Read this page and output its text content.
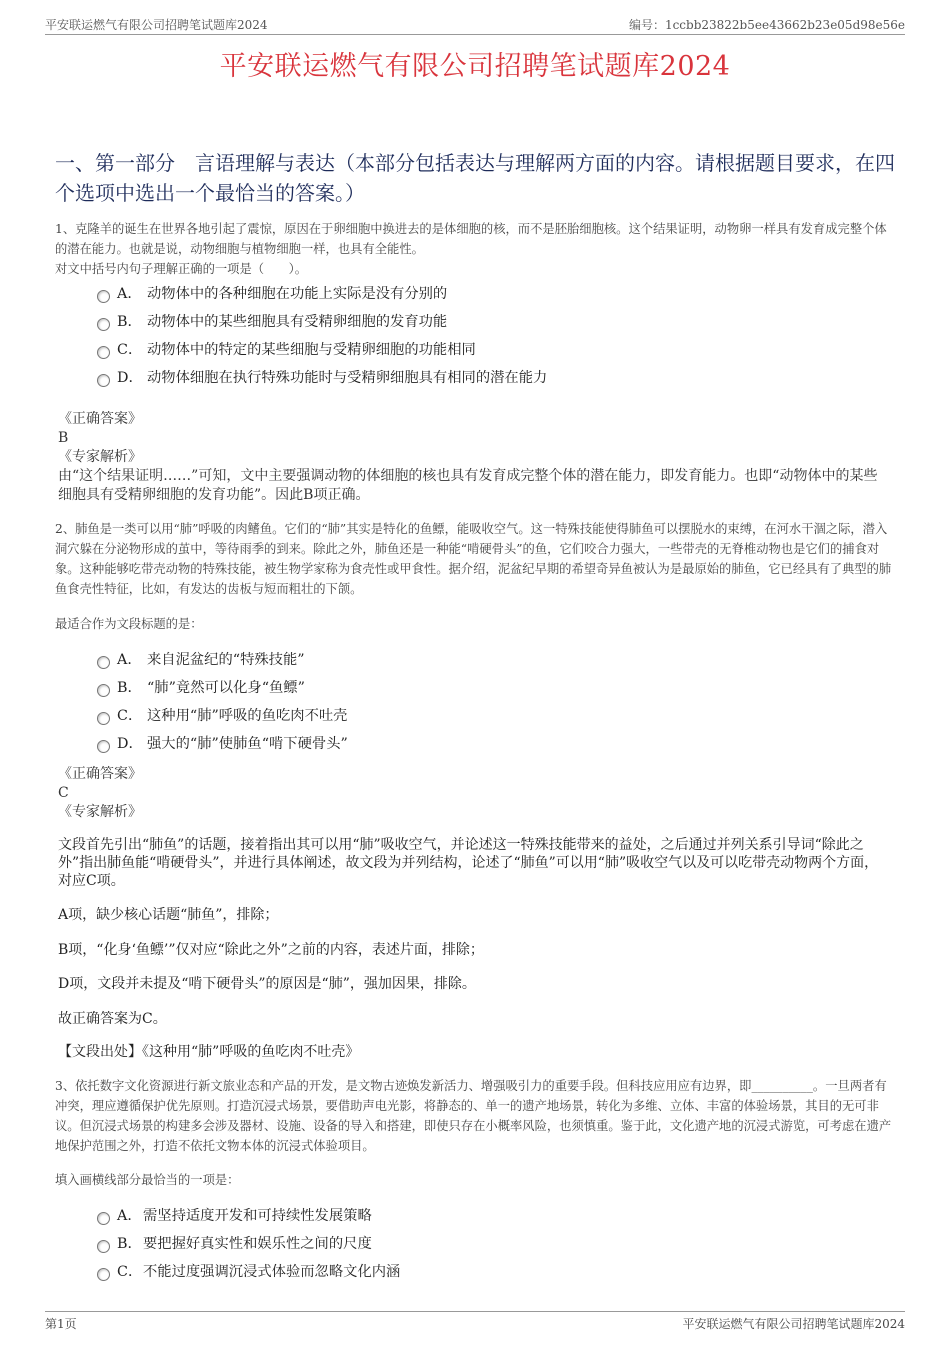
平安联运燃气有限公司招聘笔试题库2024	编号：1ccbb23822b5ee43662b23e05d98e56e
平安联运燃气有限公司招聘笔试题库2024
一、第一部分　言语理解与表达（本部分包括表达与理解两方面的内容。请根据题目要求，在四个选项中选出一个最恰当的答案。）

1、克隆羊的诞生在世界各地引起了震惊，原因在于卵细胞中换进去的是体细胞的核，而不是胚胎细胞核。这个结果证明，动物卵一样具有发育成完整个体的潜在能力。也就是说，动物细胞与植物细胞一样，也具有全能性。

对文中括号内句子理解正确的一项是（　　）。

A． 动物体中的各种细胞在功能上实际是没有分别的
B． 动物体中的某些细胞具有受精卵细胞的发育功能
C． 动物体中的特定的某些细胞与受精卵细胞的功能相同
D． 动物体细胞在执行特殊功能时与受精卵细胞具有相同的潜在能力

《正确答案》

B

《专家解析》

由“这个结果证明……”可知，文中主要强调动物的体细胞的核也具有发育成完整个体的潜在能力，即发育能力。也即“动物体中的某些细胞具有受精卵细胞的发育功能”。因此B项正确。

2、肺鱼是一类可以用“肺”呼吸的肉鳍鱼。它们的“肺”其实是特化的鱼鳔，能吸收空气。这一特殊技能使得肺鱼可以摆脱水的束缚，在河水干涸之际，潜入洞穴躲在分泌物形成的茧中，等待雨季的到来。除此之外，肺鱼还是一种能“啃硬骨头”的鱼，它们咬合力强大，一些带壳的无脊椎动物也是它们的捕食对象。这种能够吃带壳动物的特殊技能，被生物学家称为食壳性或甲食性。据介绍，泥盆纪早期的希望奇异鱼被认为是最原始的肺鱼，它已经具有了典型的肺鱼食壳性特征，比如，有发达的齿板与短而粗壮的下颌。

最适合作为文段标题的是：

A． 来自泥盆纪的“特殊技能”
B． “肺”竟然可以化身“鱼鳔”
C． 这种用“肺”呼吸的鱼吃肉不吐壳
D． 强大的“肺”使肺鱼“啃下硬骨头”

《正确答案》

C

《专家解析》

文段首先引出“肺鱼”的话题，接着指出其可以用“肺”吸收空气，并论述这一特殊技能带来的益处，之后通过并列关系引导词“除此之外”指出肺鱼能“啃硬骨头”，并进行具体阐述，故文段为并列结构，论述了“肺鱼”可以用“肺”吸收空气以及可以吃带壳动物两个方面，对应C项。

A项，缺少核心话题“肺鱼”，排除；

B项，“化身‘鱼鳔’”仅对应“除此之外”之前的内容，表述片面，排除；

D项，文段并未提及“啃下硬骨头”的原因是“肺”，强加因果，排除。

故正确答案为C。

【文段出处】《这种用“肺”呼吸的鱼吃肉不吐壳》

3、依托数字文化资源进行新文旅业态和产品的开发，是文物古迹焕发新活力、增强吸引力的重要手段。但科技应用应有边界，即__________。一旦两者有冲突，理应遵循保护优先原则。打造沉浸式场景，要借助声电光影，将静态的、单一的遗产地场景，转化为多维、立体、丰富的体验场景，其目的无可非议。但沉浸式场景的构建多会涉及器材、设施、设备的导入和搭建，即使只存在小概率风险，也须慎重。鉴于此，文化遗产地的沉浸式游览，可考虑在遗产地保护范围之外，打造不依托文物本体的沉浸式体验项目。

填入画横线部分最恰当的一项是：

A．需坚持适度开发和可持续性发展策略
B．要把握好真实性和娱乐性之间的尺度
C．不能过度强调沉浸式体验而忽略文化内涵
第1页	平安联运燃气有限公司招聘笔试题库2024
